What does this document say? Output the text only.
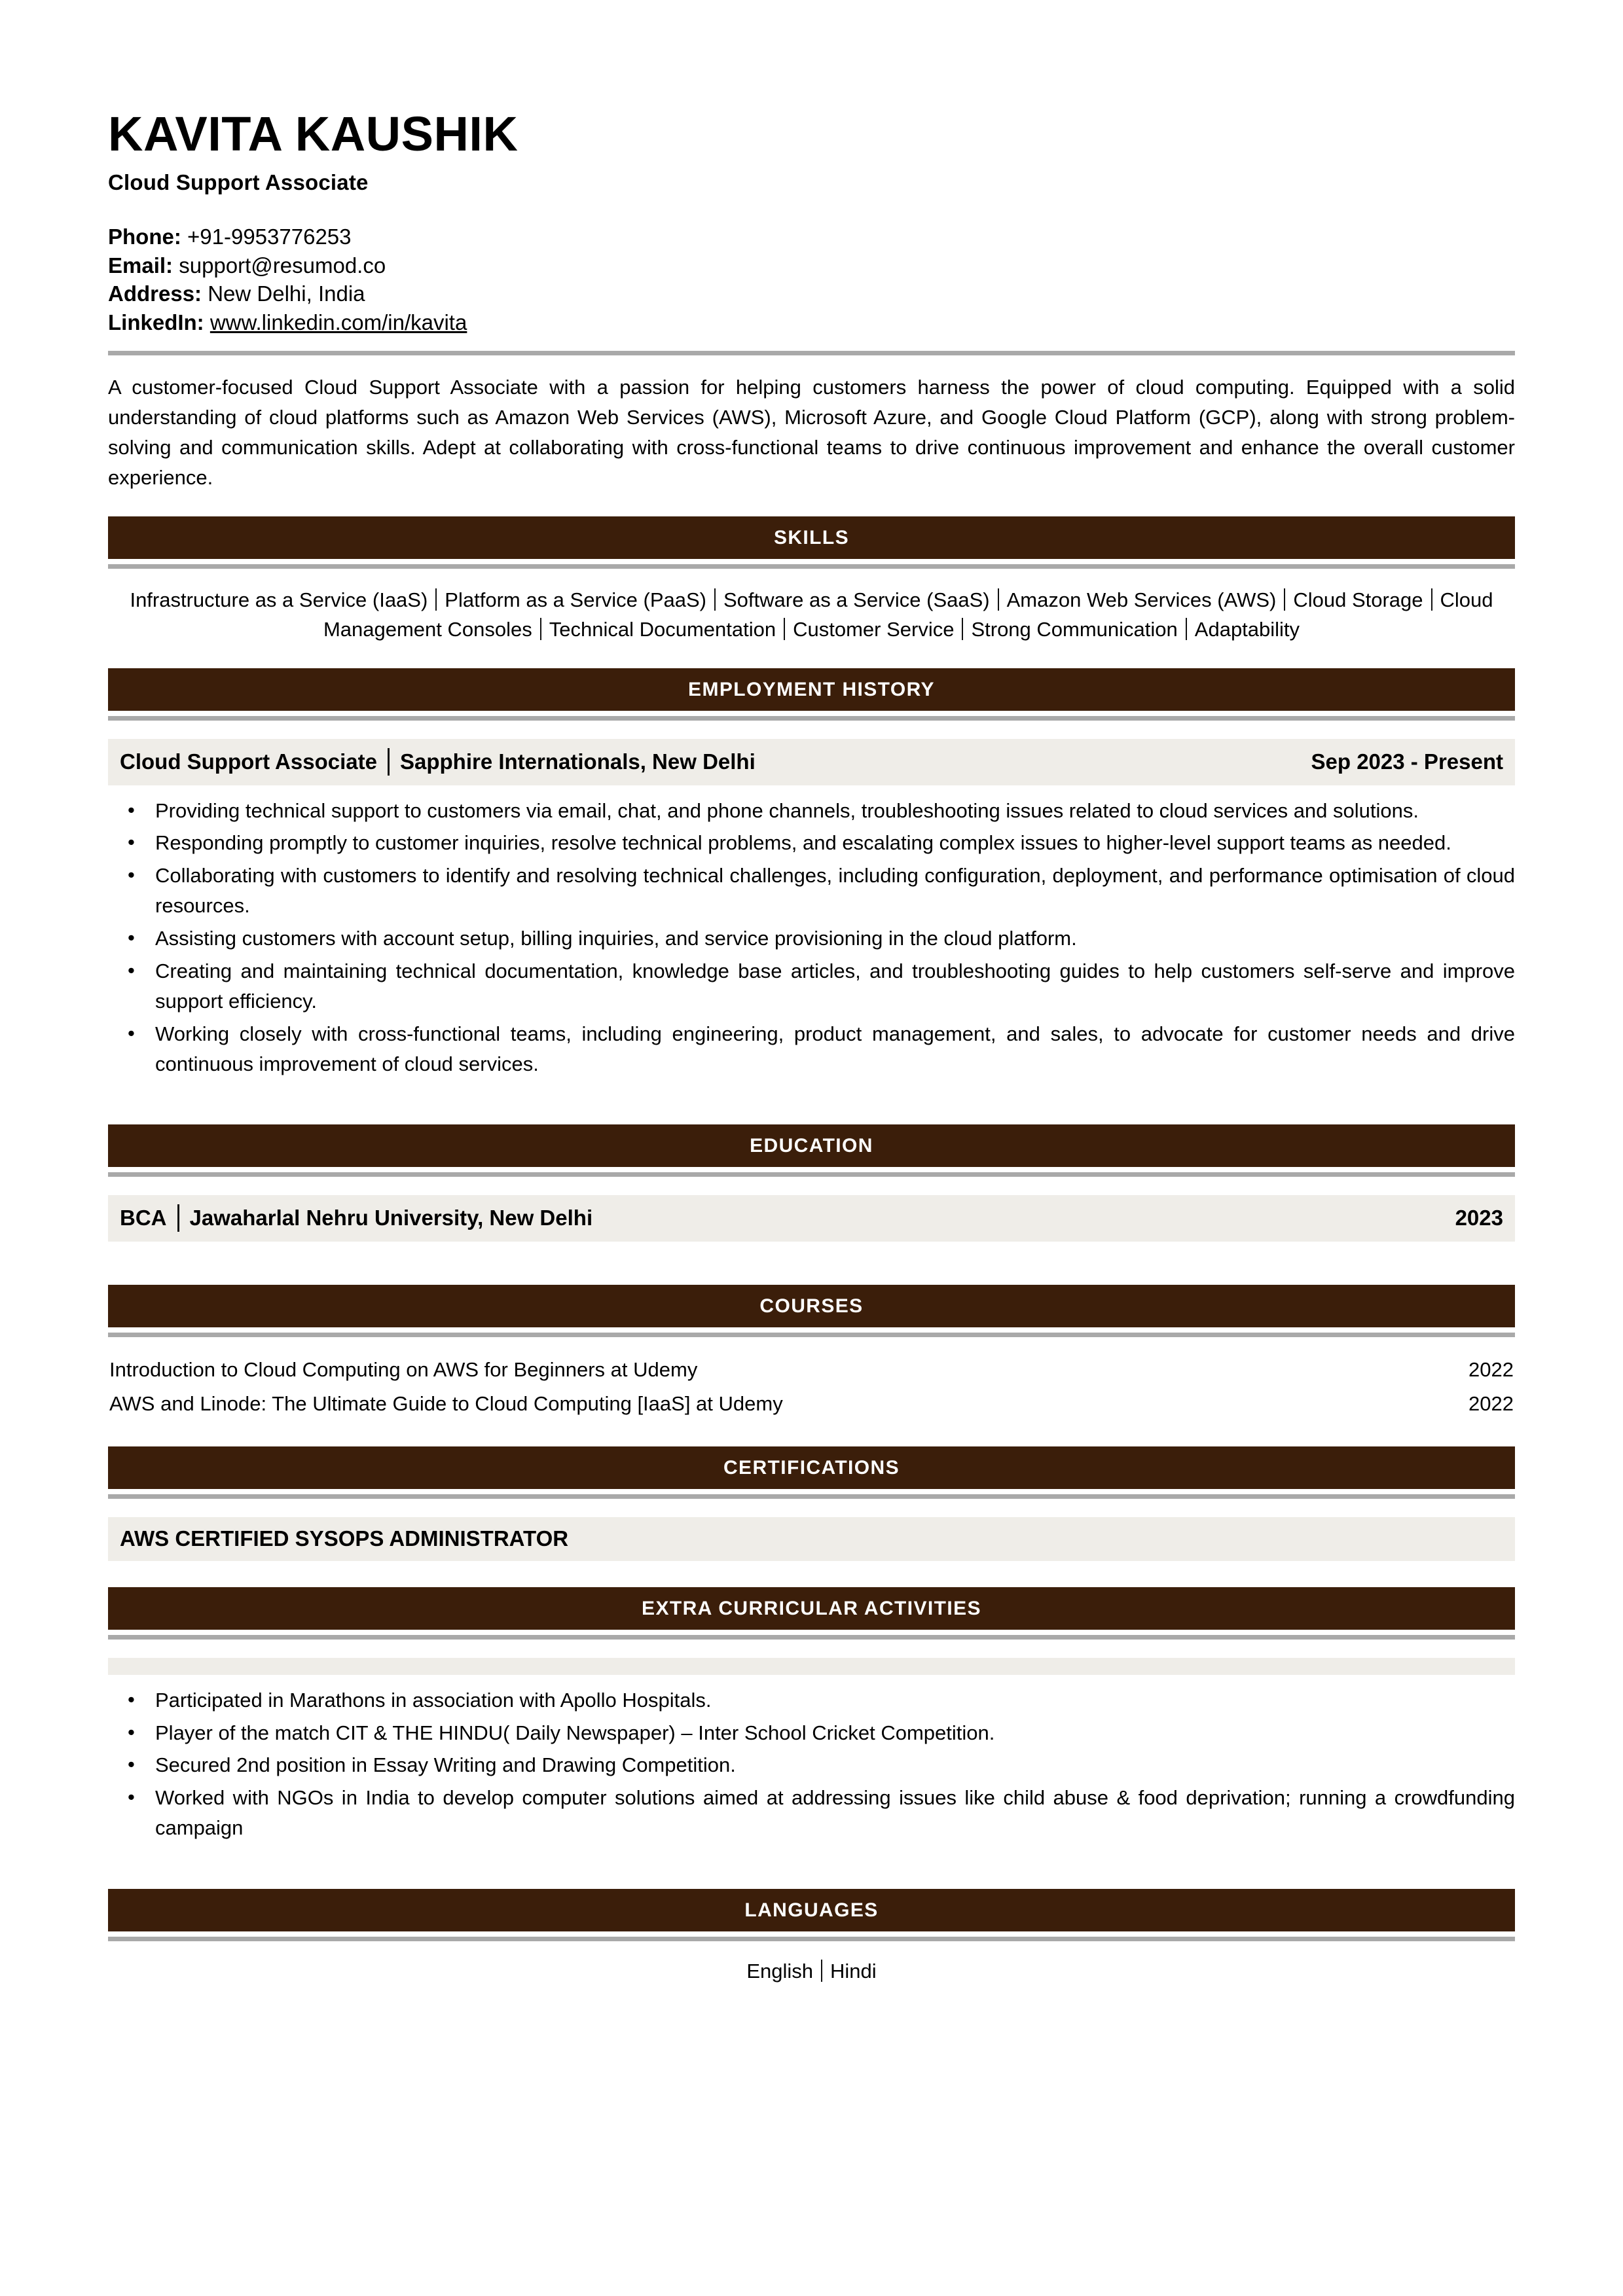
KAVITA KAUSHIK
Cloud Support Associate

Phone: +91-9953776253

Email: support@resumod.co

Address: New Delhi, India

LinkedIn: www.linkedin.com/in/kavita

A customer-focused Cloud Support Associate with a passion for helping customers harness the power of cloud computing. Equipped with a solid understanding of cloud platforms such as Amazon Web Services (AWS), Microsoft Azure, and Google Cloud Platform (GCP), along with strong problem- solving and communication skills. Adept at collaborating with cross-functional teams to drive continuous improvement and enhance the overall customer experience.

SKILLS
Infrastructure as a Service (IaaS) Platform as a Service (PaaS) Software as a Service (SaaS) Amazon Web Services (AWS) Cloud Storage Cloud Management Consoles Technical Documentation Customer Service Strong Communication Adaptability
EMPLOYMENT HISTORY
Cloud Support Associate Sapphire Internationals, New Delhi	Sep 2023 - Present
• Providing technical support to customers via email, chat, and phone channels, troubleshooting issues related to cloud services and solutions.
• Responding promptly to customer inquiries, resolve technical problems, and escalating complex issues to higher-level support teams as needed.
• Collaborating with customers to identify and resolving technical challenges, including configuration, deployment, and performance optimisation of cloud resources.
• Assisting customers with account setup, billing inquiries, and service provisioning in the cloud platform.
• Creating and maintaining technical documentation, knowledge base articles, and troubleshooting guides to help customers self-serve and improve support efficiency.
• Working closely with cross-functional teams, including engineering, product management, and sales, to advocate for customer needs and drive continuous improvement of cloud services.
EDUCATION
BCA Jawaharlal Nehru University, New Delhi	2023
COURSES
Introduction to Cloud Computing on AWS for Beginners at Udemy	2022
AWS and Linode: The Ultimate Guide to Cloud Computing [IaaS] at Udemy	2022
CERTIFICATIONS
AWS CERTIFIED SYSOPS ADMINISTRATOR
EXTRA CURRICULAR ACTIVITIES
• Participated in Marathons in association with Apollo Hospitals.
• Player of the match CIT & THE HINDU( Daily Newspaper) – Inter School Cricket Competition.
• Secured 2nd position in Essay Writing and Drawing Competition.
• Worked with NGOs in India to develop computer solutions aimed at addressing issues like child abuse & food deprivation; running a crowdfunding campaign
LANGUAGES
English Hindi
